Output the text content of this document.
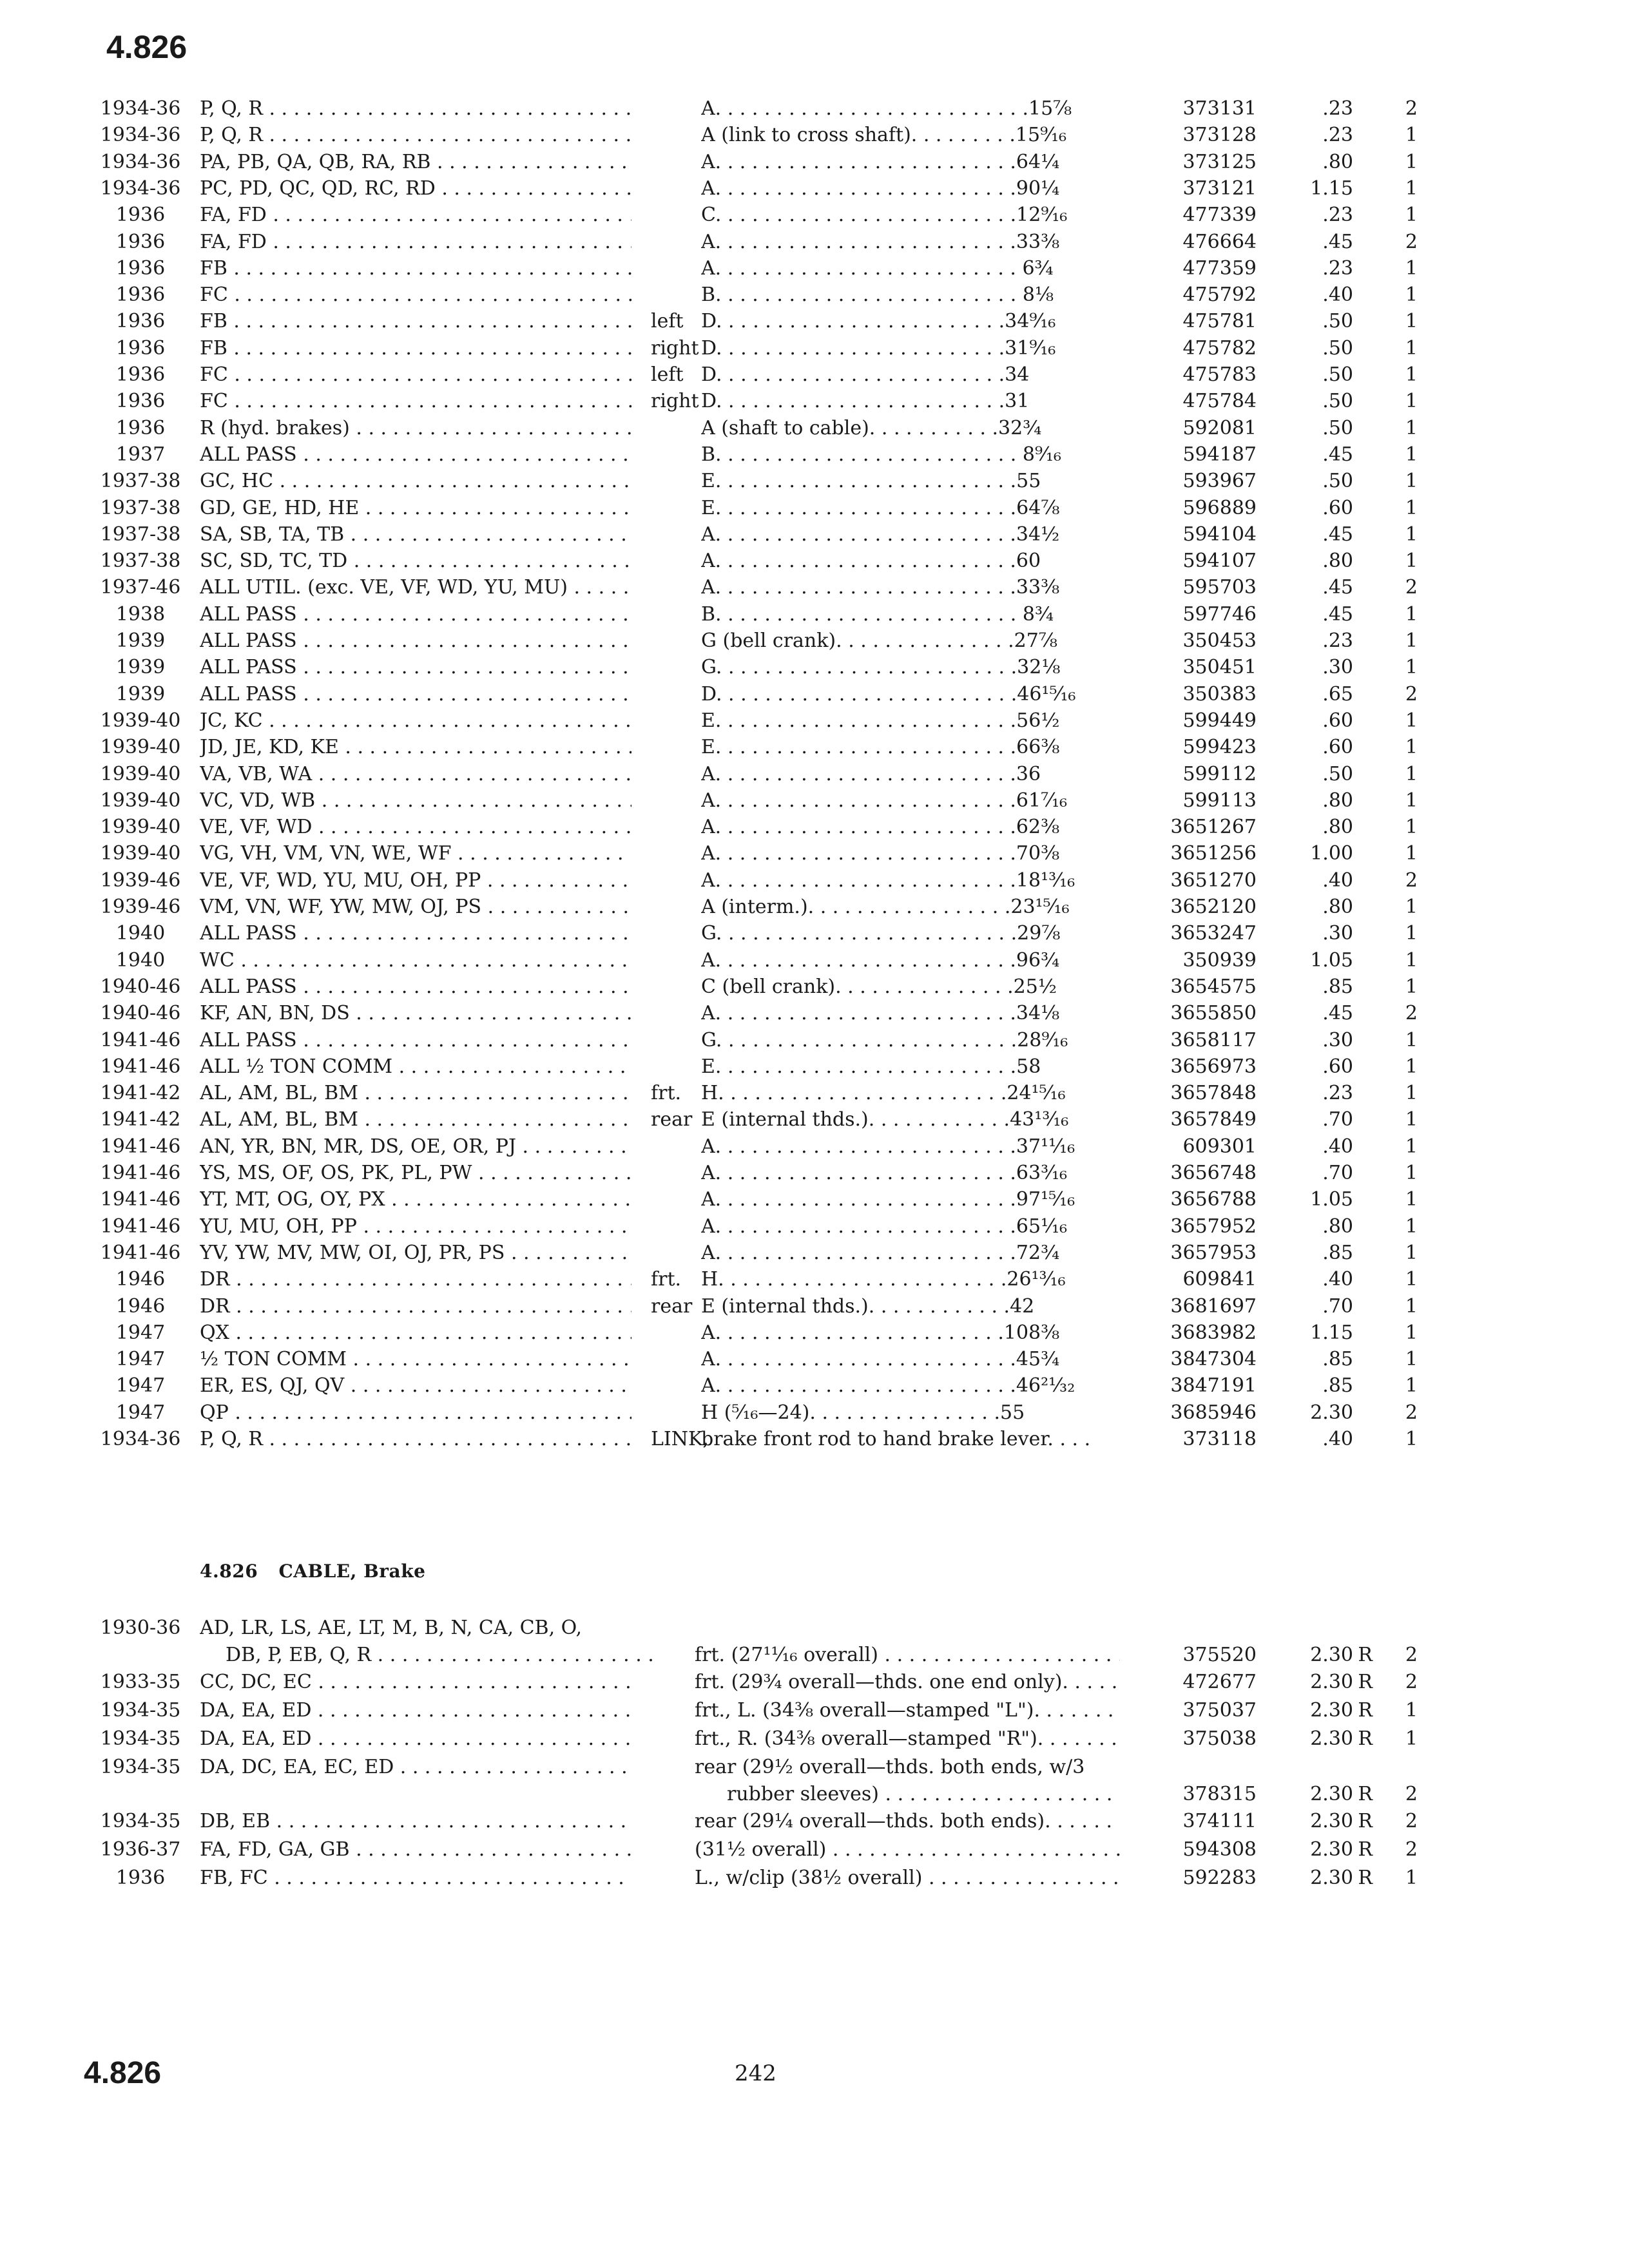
4.826
1934-36 P, Q, R . . .	A. . . . . . . . . . . . . . . . . . . . . . . . . .15⅞	373131	.23	2
1934-36 P, Q, R . . .	A (link to cross shaft). . . . . . . . .15⁹⁄₁₆	373128	.23	1
1934-36 PA, PB, QA, QB, RA, RB . . .	A. . . . . . . . . . . . . . . . . . . . . . . . .64¼	373125	.80	1
1934-36 PC, PD, QC, QD, RC, RD . . .	A. . . . . . . . . . . . . . . . . . . . . . . . .90¼	373121	1.15	1
1936	FA, FD . . .	C. . . . . . . . . . . . . . . . . . . . . . . . .12⁹⁄₁₆	477339	.23	1
1936	FA, FD . . .	A. . . . . . . . . . . . . . . . . . . . . . . . .33⅜	476664	.45	2
1936	FB . . .	A. . . . . . . . . . . . . . . . . . . . . . . . . 6¾	477359	.23	1
1936	FC . . .	B. . . . . . . . . . . . . . . . . . . . . . . . . 8⅛	475792	.40	1
1936	FB . . .	left D. . . . . . . . . . . . . . . . . . . . . . . .34⁹⁄₁₆	475781	.50	1
1936	FB . . .	right D. . . . . . . . . . . . . . . . . . . . . . . .31⁹⁄₁₆	475782	.50	1
1936	FC . . .	left D. . . . . . . . . . . . . . . . . . . . . . . .34	475783	.50	1
1936	FC . . .	right D. . . . . . . . . . . . . . . . . . . . . . . .31	475784	.50	1
1936	R (hyd. brakes) . . .	A (shaft to cable). . . . . . . . . . .32¾	592081	.50	1
1937	ALL PASS . . .	B. . . . . . . . . . . . . . . . . . . . . . . . . 8⁹⁄₁₆	594187	.45	1
1937-38 GC, HC . . .	E. . . . . . . . . . . . . . . . . . . . . . . . .55	593967	.50	1
1937-38 GD, GE, HD, HE . . .	E. . . . . . . . . . . . . . . . . . . . . . . . .64⅞	596889	.60	1
1937-38 SA, SB, TA, TB . . .	A. . . . . . . . . . . . . . . . . . . . . . . . .34½	594104	.45	1
1937-38 SC, SD, TC, TD . . .	A. . . . . . . . . . . . . . . . . . . . . . . . .60	594107	.80	1
1937-46 ALL UTIL. (exc. VE, VF, WD, YU, MU) . . .	A. . . . . . . . . . . . . . . . . . . . . . . . .33⅜	595703	.45	2
1938	ALL PASS . . .	B. . . . . . . . . . . . . . . . . . . . . . . . . 8¾	597746	.45	1
1939	ALL PASS . . .	G (bell crank). . . . . . . . . . . . . . .27⅞	350453	.23	1
1939	ALL PASS . . .	G. . . . . . . . . . . . . . . . . . . . . . . . .32⅛	350451	.30	1
1939	ALL PASS . . .	D. . . . . . . . . . . . . . . . . . . . . . . . .46¹⁵⁄₁₆	350383	.65	2
1939-40 JC, KC . . .	E. . . . . . . . . . . . . . . . . . . . . . . . .56½	599449	.60	1
1939-40 JD, JE, KD, KE . . .	E. . . . . . . . . . . . . . . . . . . . . . . . .66⅜	599423	.60	1
1939-40 VA, VB, WA . . .	A. . . . . . . . . . . . . . . . . . . . . . . . .36	599112	.50	1
1939-40 VC, VD, WB . . .	A. . . . . . . . . . . . . . . . . . . . . . . . .61⁷⁄₁₆	599113	.80	1
1939-40 VE, VF, WD . . .	A. . . . . . . . . . . . . . . . . . . . . . . . .62⅜	3651267	.80	1
1939-40 VG, VH, VM, VN, WE, WF . . .	A. . . . . . . . . . . . . . . . . . . . . . . . .70⅜	3651256	1.00	1
1939-46 VE, VF, WD, YU, MU, OH, PP . . .	A. . . . . . . . . . . . . . . . . . . . . . . . .18¹³⁄₁₆	3651270	.40	2
1939-46 VM, VN, WF, YW, MW, OJ, PS . . .	A (interm.). . . . . . . . . . . . . . . . .23¹⁵⁄₁₆	3652120	.80	1
1940	ALL PASS . . .	G. . . . . . . . . . . . . . . . . . . . . . . . .29⅞	3653247	.30	1
1940	WC . . .	A. . . . . . . . . . . . . . . . . . . . . . . . .96¾	350939	1.05	1
1940-46 ALL PASS . . .	C (bell crank). . . . . . . . . . . . . . .25½	3654575	.85	1
1940-46 KF, AN, BN, DS . . .	A. . . . . . . . . . . . . . . . . . . . . . . . .34⅛	3655850	.45	2
1941-46 ALL PASS . . .	G. . . . . . . . . . . . . . . . . . . . . . . . .28⁹⁄₁₆	3658117	.30	1
1941-46 ALL ½ TON COMM . . .	E. . . . . . . . . . . . . . . . . . . . . . . . .58	3656973	.60	1
1941-42 AL, AM, BL, BM . . .	frt.	H. . . . . . . . . . . . . . . . . . . . . . . .24¹⁵⁄₁₆	3657848	.23	1
1941-42 AL, AM, BL, BM . . .	rear E (internal thds.). . . . . . . . . . . .43¹³⁄₁₆	3657849	.70	1
1941-46 AN, YR, BN, MR, DS, OE, OR, PJ . . .	A. . . . . . . . . . . . . . . . . . . . . . . . .37¹¹⁄₁₆	609301	.40	1
1941-46 YS, MS, OF, OS, PK, PL, PW . . .	A. . . . . . . . . . . . . . . . . . . . . . . . .63³⁄₁₆	3656748	.70	1
1941-46 YT, MT, OG, OY, PX . . .	A. . . . . . . . . . . . . . . . . . . . . . . . .97¹⁵⁄₁₆	3656788	1.05	1
1941-46 YU, MU, OH, PP . . .	A. . . . . . . . . . . . . . . . . . . . . . . . .65¹⁄₁₆	3657952	.80	1
1941-46 YV, YW, MV, MW, OI, OJ, PR, PS . . .	A. . . . . . . . . . . . . . . . . . . . . . . . .72¾	3657953	.85	1
1946	DR . . .	frt.	H. . . . . . . . . . . . . . . . . . . . . . . .26¹³⁄₁₆	609841	.40	1
1946	DR . . .	rear E (internal thds.). . . . . . . . . . . .42	3681697	.70	1
1947	QX . . .	A. . . . . . . . . . . . . . . . . . . . . . . .108⅜	3683982	1.15	1
1947	½ TON COMM . . .	A. . . . . . . . . . . . . . . . . . . . . . . . .45¾	3847304	.85	1
1947	ER, ES, QJ, QV . . .	A. . . . . . . . . . . . . . . . . . . . . . . . .46²¹⁄₃₂	3847191	.85	1
1947	QP . . .	H (⁵⁄₁₆—24). . . . . . . . . . . . . . . .55	3685946	2.30	2
1934-36 P, Q, R . . .	LINK,
brake front rod to hand brake lever. . . .	373118	.40	1
4.826 CABLE, Brake
1930-36 AD, LR, LS, AE, LT, M, B, N, CA, CB, O,
DB, P, EB, Q, R . . .	frt. (27¹¹⁄₁₆ overall) . . .	375520	2.30 R	2
1933-35 CC, DC, EC . . .	frt. (29¾ overall—thds. one end only). . . . . . .	472677	2.30 R	2
1934-35 DA, EA, ED . . .	frt., L. (34⅜ overall—stamped "L"). . . . . . . .	375037	2.30 R	1
1934-35 DA, EA, ED . . .	frt., R. (34⅜ overall—stamped "R"). . . . . . . .	375038	2.30 R	1
1934-35 DA, DC, EA, EC, ED . . .	rear (29½ overall—thds. both ends, w/3
rubber sleeves) . . .	378315	2.30 R	2
1934-35 DB, EB . . .	rear (29¼ overall—thds. both ends). . . . . . . .	374111	2.30 R	2
1936-37 FA, FD, GA, GB . . .	(31½ overall) . . .	594308	2.30 R	2
1936	FB, FC . . .	L., w/clip (38½ overall) . . .	592283	2.30 R	1
4.826	242
